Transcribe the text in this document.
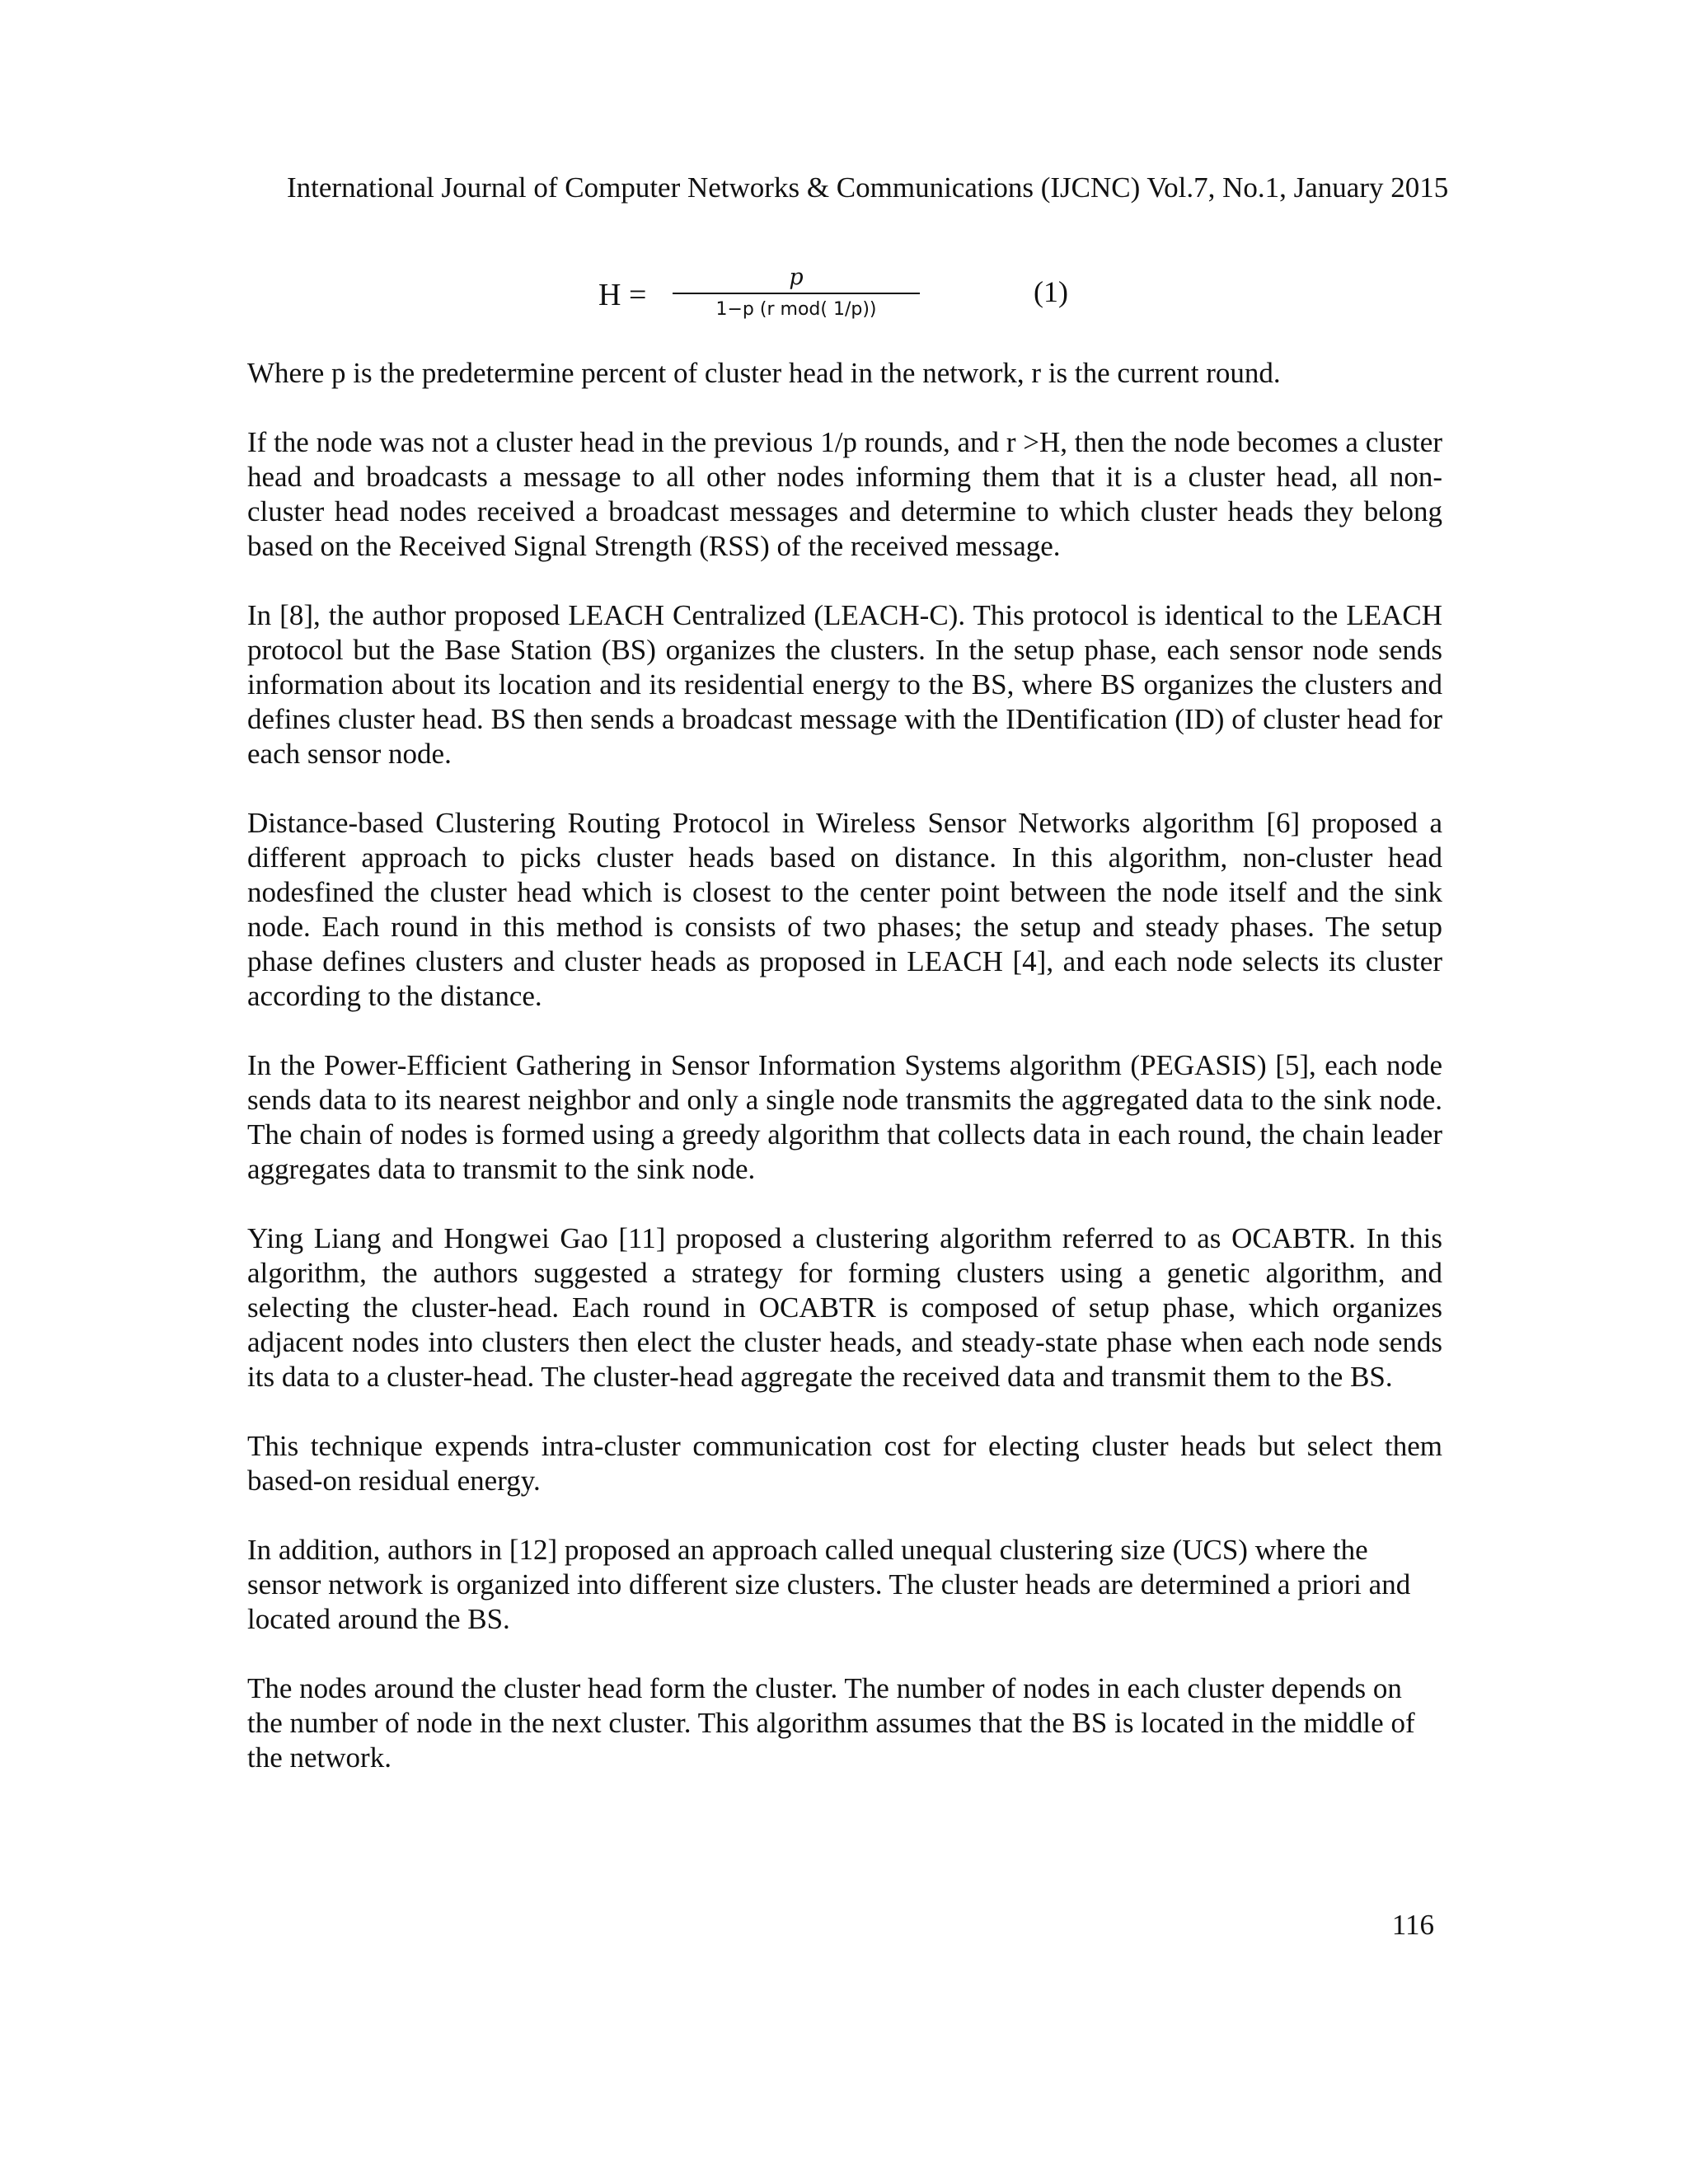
International Journal of Computer Networks & Communications (IJCNC) Vol.7, No.1, January 2015
H =
p
1−p (r mod( 1/p))
(1)

Where p is the predetermine percent of cluster head in the network, r is the current round.

If the node was not a cluster head in the previous 1/p rounds, and r >H, then the node becomes a cluster head and broadcasts a message to all other nodes informing them that it is a cluster head, all non-cluster head nodes received a broadcast messages and determine to which cluster heads they belong based on the Received Signal Strength (RSS) of the received message.

In [8], the author proposed LEACH Centralized (LEACH-C). This protocol is identical to the LEACH protocol but the Base Station (BS) organizes the clusters. In the setup phase, each sensor node sends information about its location and its residential energy to the BS, where BS organizes the clusters and defines cluster head. BS then sends a broadcast message with the IDentification (ID) of cluster head for each sensor node.

Distance-based Clustering Routing Protocol in Wireless Sensor Networks algorithm [6] proposed a different approach to picks cluster heads based on distance. In this algorithm, non-cluster head nodesfined the cluster head which is closest to the center point between the node itself and the sink node. Each round in this method is consists of two phases; the setup and steady phases. The setup phase defines clusters and cluster heads as proposed in LEACH [4], and each node selects its cluster according to the distance.

In the Power-Efficient Gathering in Sensor Information Systems algorithm (PEGASIS) [5], each node sends data to its nearest neighbor and only a single node transmits the aggregated data to the sink node. The chain of nodes is formed using a greedy algorithm that collects data in each round, the chain leader aggregates data to transmit to the sink node.

Ying Liang and Hongwei Gao [11] proposed a clustering algorithm referred to as OCABTR. In this algorithm, the authors suggested a strategy for forming clusters using a genetic algorithm, and selecting the cluster-head. Each round in OCABTR is composed of setup phase, which organizes adjacent nodes into clusters then elect the cluster heads, and steady-state phase when each node sends its data to a cluster-head. The cluster-head aggregate the received data and transmit them to the BS.

This technique expends intra-cluster communication cost for electing cluster heads but select them based-on residual energy.

In addition, authors in [12] proposed an approach called unequal clustering size (UCS) where the sensor network is organized into different size clusters. The cluster heads are determined a priori and located around the BS.

The nodes around the cluster head form the cluster. The number of nodes in each cluster depends on the number of node in the next cluster. This algorithm assumes that the BS is located in the middle of the network.

116
